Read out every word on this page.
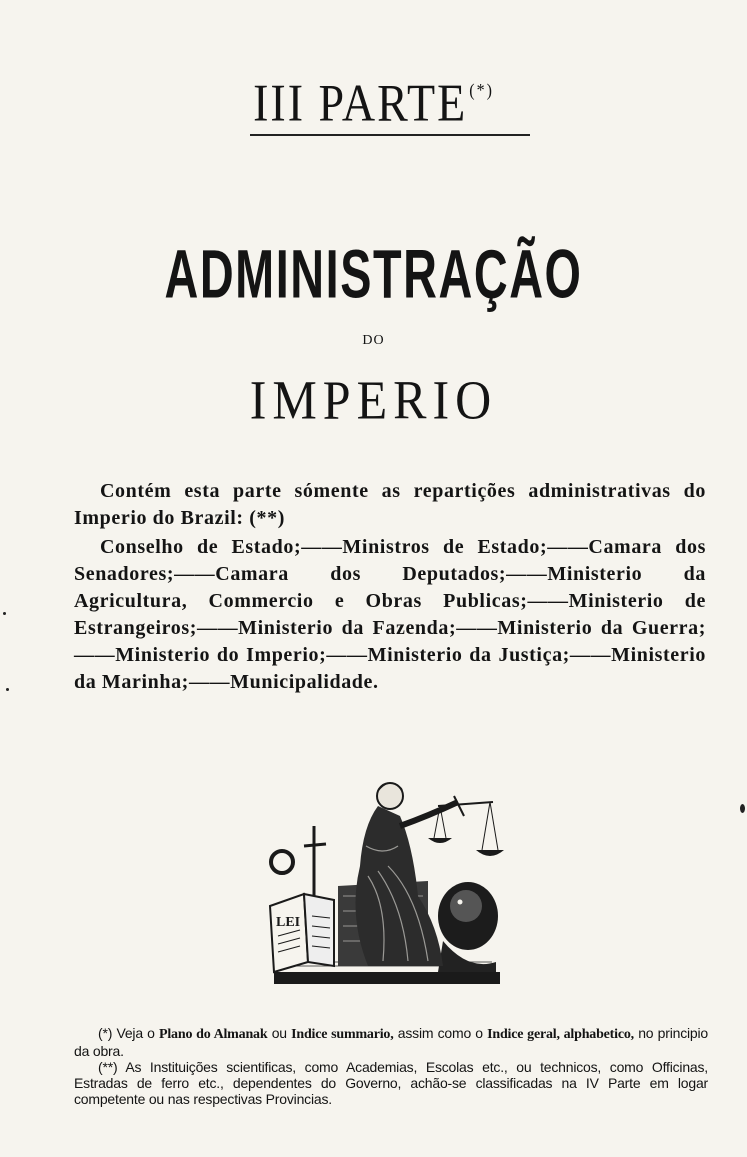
III PARTE (*)
ADMINISTRAÇÃO
DO
IMPERIO

Contém esta parte sómente as repartições administrativas do Imperio do Brazil: (**)

Conselho de Estado;——Ministros de Estado;——Camara dos Senadores;——Camara dos Deputados;——Ministerio da Agricultura, Commercio e Obras Publicas;——Ministerio de Estrangeiros;——Ministerio da Fazenda;——Ministerio da Guerra;——Ministerio do Imperio;——Ministerio da Justiça;——Ministerio da Marinha;——Municipalidade.

LEI

(*) Veja o Plano do Almanak ou Indice summario, assim como o Indice geral, alphabetico, no principio da obra.

(**) As Instituições scientificas, como Academias, Escolas etc., ou technicos, como Officinas, Estradas de ferro etc., dependentes do Governo, achão-se classificadas na IV Parte em logar competente ou nas respectivas Provincias.
